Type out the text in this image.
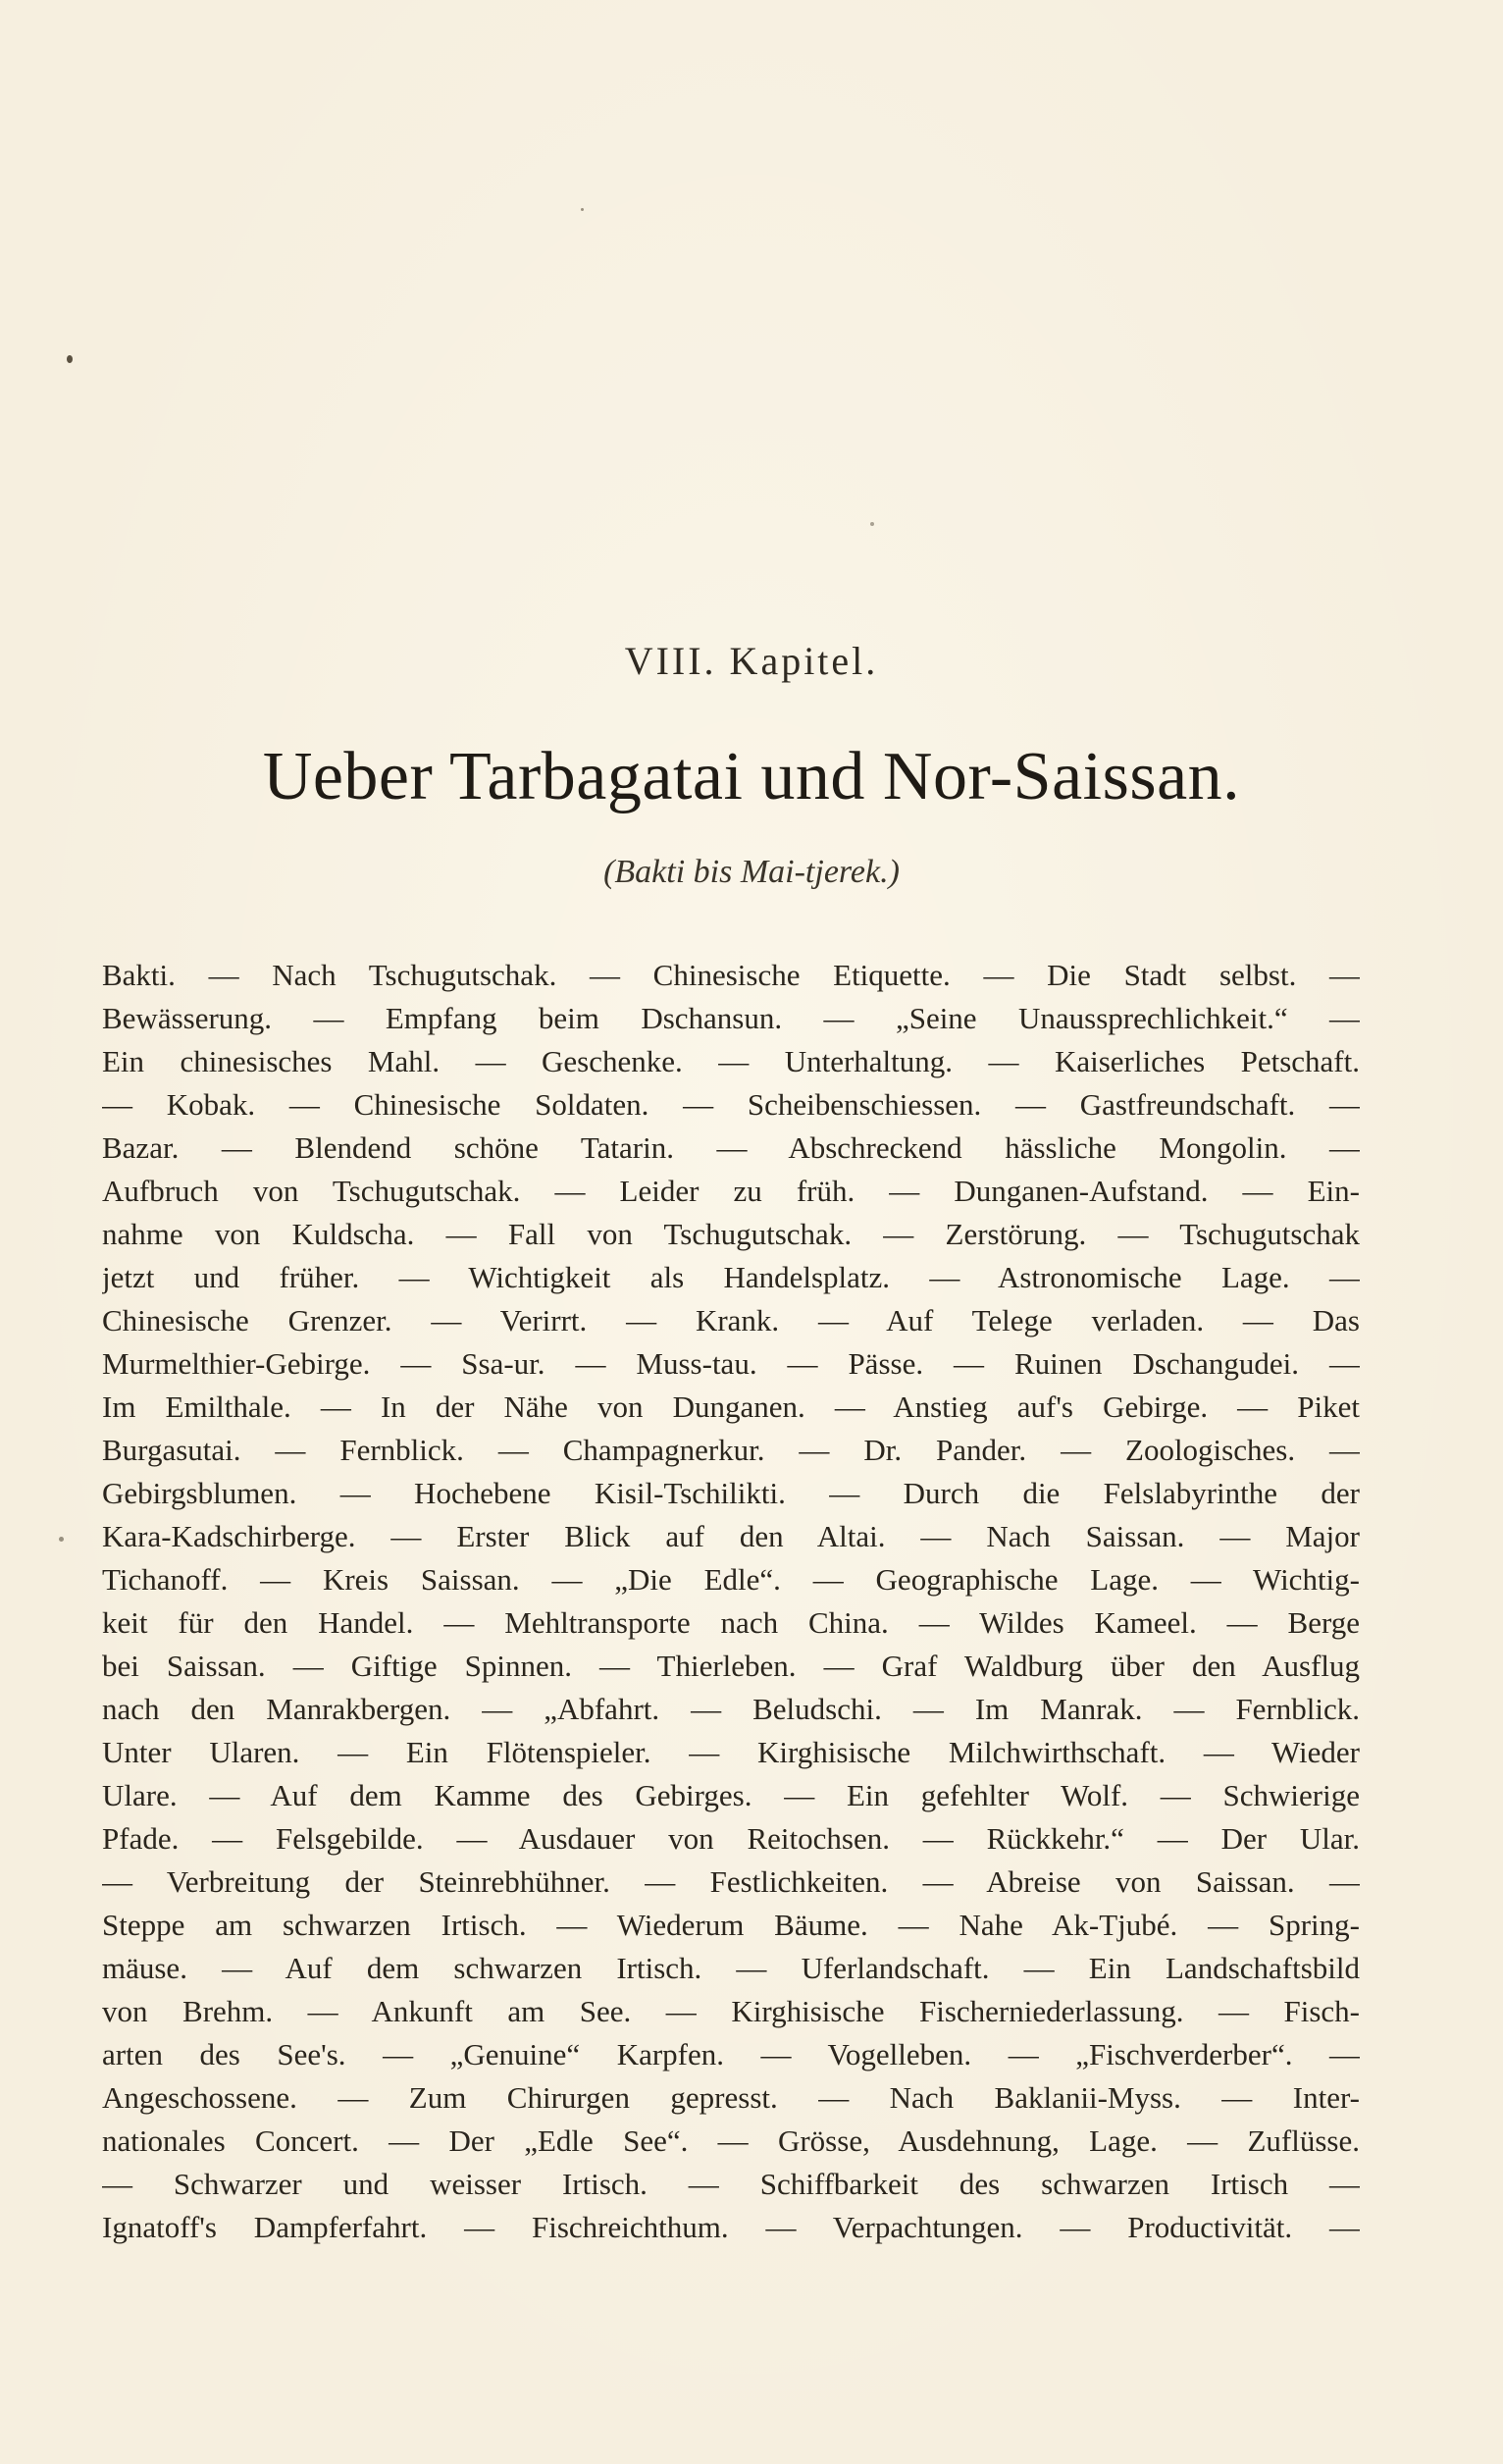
VIII. Kapitel.
Ueber Tarbagatai und Nor-Saissan.
(Bakti bis Mai-tjerek.)
Bakti. — Nach Tschugutschak. — Chinesische Etiquette. — Die Stadt selbst. —
Bewässerung. — Empfang beim Dschansun. — „Seine Unaussprechlichkeit.“ —
Ein chinesisches Mahl. — Geschenke. — Unterhaltung. — Kaiserliches Petschaft.
— Kobak. — Chinesische Soldaten. — Scheibenschiessen. — Gastfreundschaft. —
Bazar. — Blendend schöne Tatarin. — Abschreckend hässliche Mongolin. —
Aufbruch von Tschugutschak. — Leider zu früh. — Dunganen-Aufstand. — Ein-
nahme von Kuldscha. — Fall von Tschugutschak. — Zerstörung. — Tschugutschak
jetzt und früher. — Wichtigkeit als Handelsplatz. — Astronomische Lage. —
Chinesische Grenzer. — Verirrt. — Krank. — Auf Telege verladen. — Das
Murmelthier-Gebirge. — Ssa-ur. — Muss-tau. — Pässe. — Ruinen Dschangudei. —
Im Emilthale. — In der Nähe von Dunganen. — Anstieg auf's Gebirge. — Piket
Burgasutai. — Fernblick. — Champagnerkur. — Dr. Pander. — Zoologisches. —
Gebirgsblumen. — Hochebene Kisil-Tschilikti. — Durch die Felslabyrinthe der
Kara-Kadschirberge. — Erster Blick auf den Altai. — Nach Saissan. — Major
Tichanoff. — Kreis Saissan. — „Die Edle“. — Geographische Lage. — Wichtig-
keit für den Handel. — Mehltransporte nach China. — Wildes Kameel. — Berge
bei Saissan. — Giftige Spinnen. — Thierleben. — Graf Waldburg über den Ausflug
nach den Manrakbergen. — „Abfahrt. — Beludschi. — Im Manrak. — Fernblick.
Unter Ularen. — Ein Flötenspieler. — Kirghisische Milchwirthschaft. — Wieder
Ulare. — Auf dem Kamme des Gebirges. — Ein gefehlter Wolf. — Schwierige
Pfade. — Felsgebilde. — Ausdauer von Reitochsen. — Rückkehr.“ — Der Ular.
— Verbreitung der Steinrebhühner. — Festlichkeiten. — Abreise von Saissan. —
Steppe am schwarzen Irtisch. — Wiederum Bäume. — Nahe Ak-Tjubé. — Spring-
mäuse. — Auf dem schwarzen Irtisch. — Uferlandschaft. — Ein Landschaftsbild
von Brehm. — Ankunft am See. — Kirghisische Fischerniederlassung. — Fisch-
arten des See's. — „Genuine“ Karpfen. — Vogelleben. — „Fischverderber“. —
Angeschossene. — Zum Chirurgen gepresst. — Nach Baklanii-Myss. — Inter-
nationales Concert. — Der „Edle See“. — Grösse, Ausdehnung, Lage. — Zuflüsse.
— Schwarzer und weisser Irtisch. — Schiffbarkeit des schwarzen Irtisch —
Ignatoff's Dampferfahrt. — Fischreichthum. — Verpachtungen. — Productivität. —
